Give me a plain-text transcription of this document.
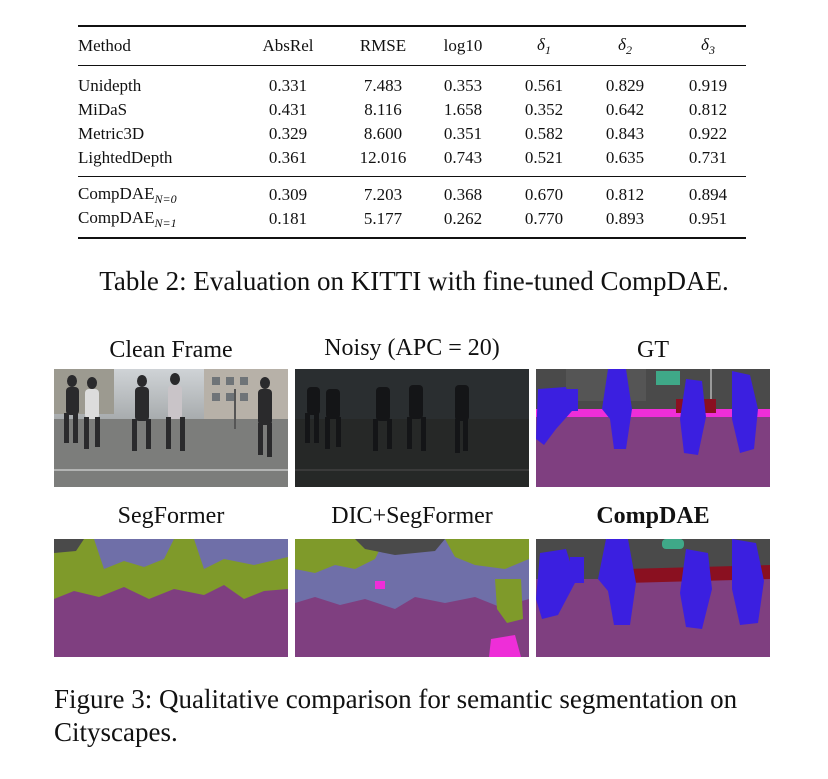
Method	AbsRel	RMSE	log10	$\delta_1$	$\delta_2$	$\delta_3$
Unidepth	0.331	7.483	0.353	0.561	0.829	0.919
MiDaS	0.431	8.116	1.658	0.352	0.642	0.812
Metric3D	0.329	8.600	0.351	0.582	0.843	0.922
LightedDepth	0.361	12.016	0.743	0.521	0.635	0.731
CompDAE$_{N=0}$	0.309	7.203	0.368	0.670	0.812	0.894
CompDAE$_{N=1}$	0.181	5.177	0.262	0.770	0.893	0.951
Table 2: Evaluation on KITTI with fine-tuned CompDAE.
Clean Frame	Noisy (APC = 20)	GT
SegFormer	DIC+SegFormer	CompDAE
Figure 3: Qualitative comparison for semantic segmentation on Cityscapes.
